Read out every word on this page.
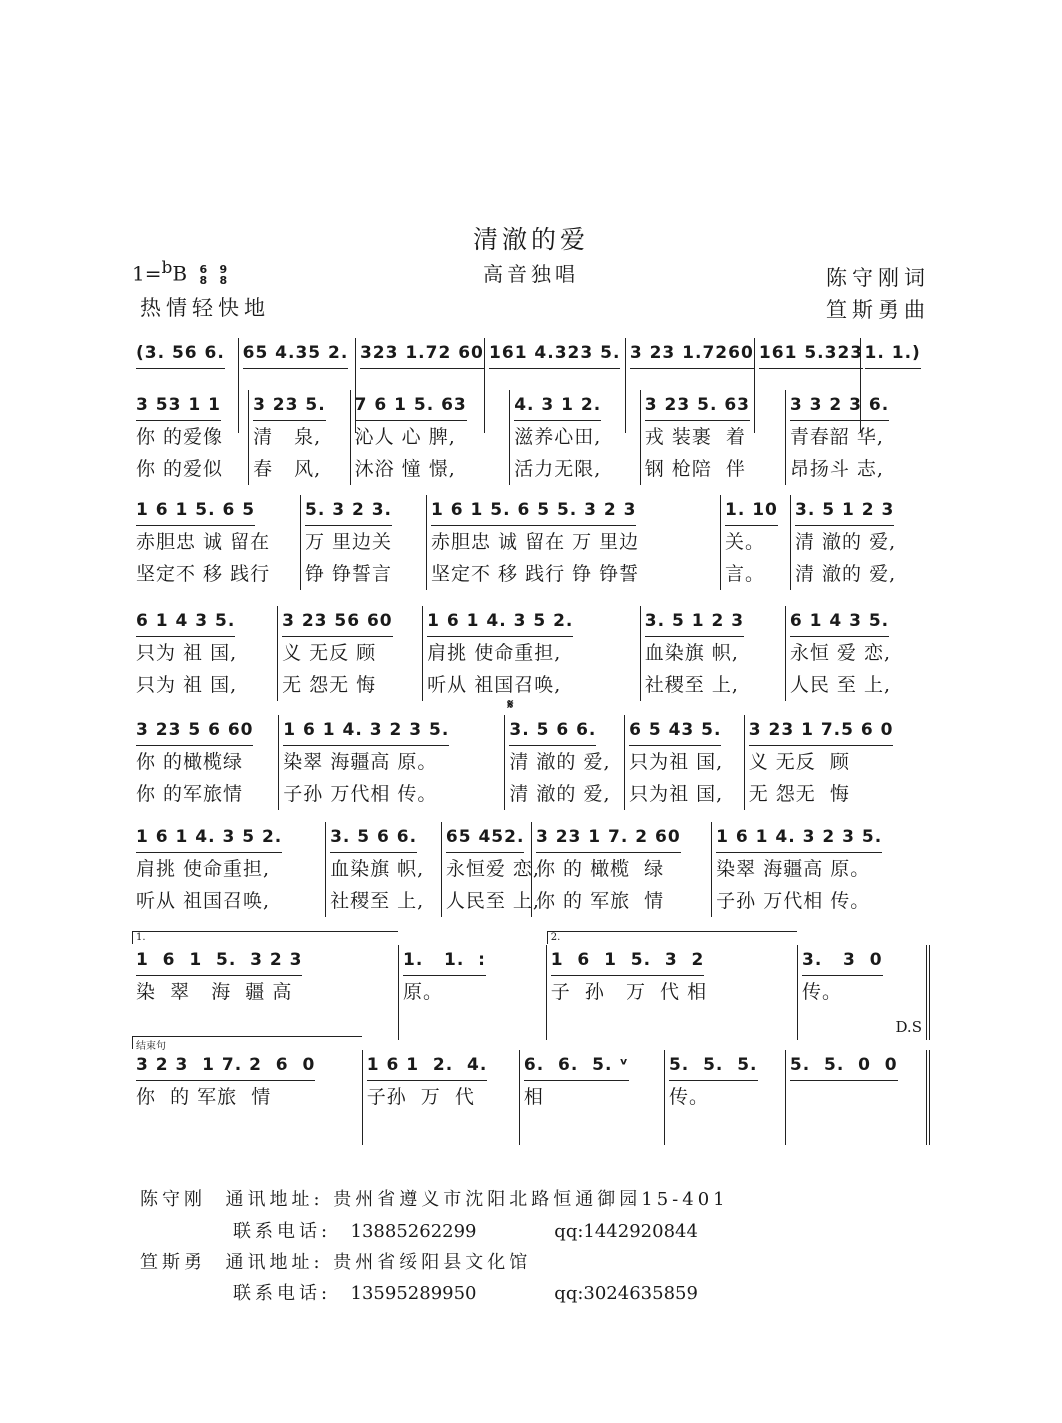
清澈的爱
高音独唱
1=$^b$B 6
8

9
8
热情轻快地
陈守刚词
笪斯勇曲
(3. 56 6.	65 4.35 2. 323 1.72 60 161 4.323 5. 3 23 1.7260 161 5.323 1. 1.)
3 53 1 1
你 的爱像
你 的爱似
3 23 5.
清   泉,
春   风,
7 6 1 5. 63
沁人 心 脾,
沐浴 憧 憬,
4. 3 1 2.
滋养心田,
活力无限,
3 23 5. 63
戎 装裹  着
钢 枪陪  伴
3 3 2 3 6.
青春韶 华,
昂扬斗 志,
1 6 1 5. 6 5
赤胆忠 诚 留在
坚定不 移 践行
5. 3 2 3.
万 里边关
铮 铮誓言
1 6 1 5. 6 5 5. 3 2 3
赤胆忠 诚 留在 万 里边
坚定不 移 践行 铮 铮誓
1. 10
关。
言。
3. 5 1 2 3
清 澈的 爱,
清 澈的 爱,
6 1 4 3 5.
只为 祖 国,
只为 祖 国,
3 23 56 60
义 无反 顾
无 怨无 悔
1 6 1 4. 3 5 2.
肩挑 使命重担,
听从 祖国召唤,
3. 5 1 2 3
血染旗 帜,
社稷至 上,
6 1 4 3 5.
永恒 爱 恋,
人民 至 上,
3 23 5 6 60
你 的橄榄绿
你 的军旅情
1 6 1 4. 3 2 3 5.
染翠 海疆高 原。
子孙 万代相 传。
𝄋
3. 5 6 6.
清 澈的 爱,
清 澈的 爱,
6 5 43 5.
只为祖 国,
只为祖 国,
3 23 1 7.5 6 0
义 无反  顾
无 怨无  悔
1 6 1 4. 3 5 2.
肩挑 使命重担,
听从 祖国召唤,
3. 5 6 6.
血染旗 帜,
社稷至 上,
65 452.
永恒爱 恋,
人民至 上,
3 23 1 7. 2 60
你 的 橄榄  绿
你 的 军旅  情
1 6 1 4. 3 2 3 5.
染翠 海疆高 原。
子孙 万代相 传。
1.
1  6  1  5.  3 2 3
染  翠   海  疆 高
1.   1.  :
原。
2.
1  6  1  5.  3  2
子  孙   万  代 相
3.   3  0
传。
D.S
结束句
3 2 3  1 7. 2  6  0
你  的 军旅  情
1 6 1  2.  4.
子孙  万  代
6.  6.  5. ᵛ
相
5.  5.  5.
传。
5.  5.  0  0
陈守刚 通讯地址: 贵州省遵义市沈阳北路恒通御园15-401
联系电话: 13885262299	qq:1442920844
笪斯勇 通讯地址: 贵州省绥阳县文化馆
联系电话: 13595289950	qq:3024635859
